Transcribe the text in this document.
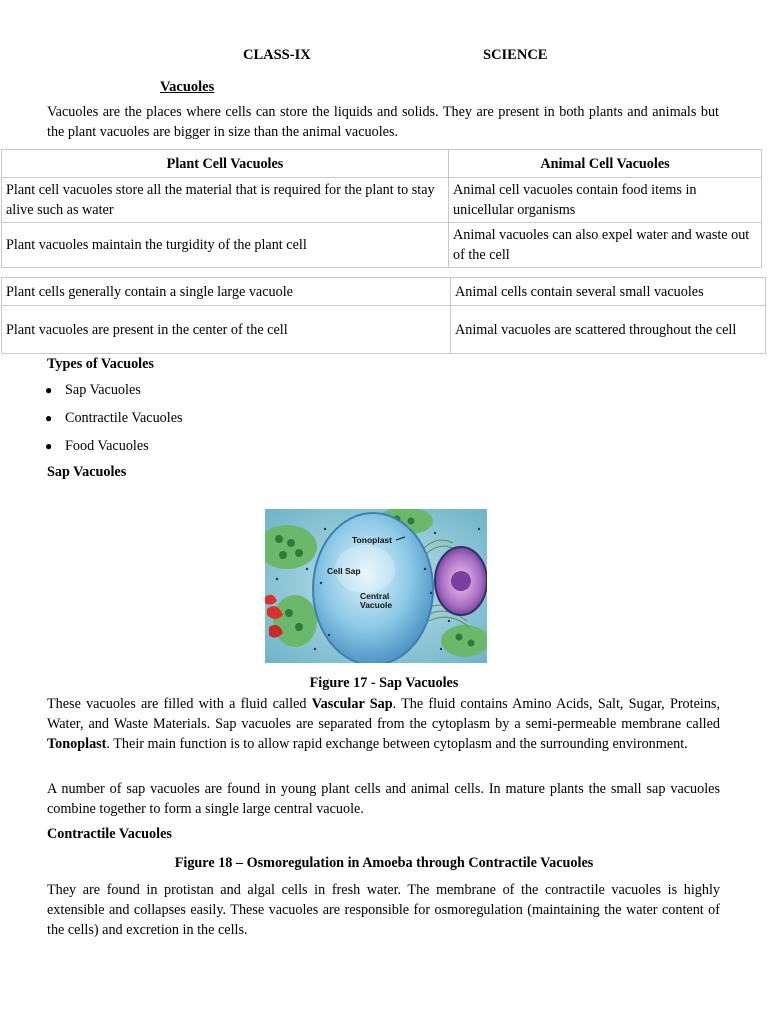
CLASS-IX	SCIENCE
Vacuoles
Vacuoles are the places where cells can store the liquids and solids. They are present in both plants and animals but the plant vacuoles are bigger in size than the animal vacuoles.
Plant Cell Vacuoles	Animal Cell Vacuoles
Plant cell vacuoles store all the material that is required for the plant to stay alive such as water	Animal cell vacuoles contain food items in unicellular organisms
Plant vacuoles maintain the turgidity of the plant cell	Animal vacuoles can also expel water and waste out of the cell
Plant cells generally contain a single large vacuole	Animal cells contain several small vacuoles
Plant vacuoles are present in the center of the cell	Animal vacuoles are scattered throughout the cell
Types of Vacuoles
● Sap Vacuoles
● Contractile Vacuoles
● Food Vacuoles
Sap Vacuoles
Tonoplast
Cell Sap
Central
Vacuole
Figure 17 - Sap Vacuoles
These vacuoles are filled with a fluid called Vascular Sap. The fluid contains Amino Acids, Salt, Sugar, Proteins, Water, and Waste Materials. Sap vacuoles are separated from the cytoplasm by a semi-permeable membrane called Tonoplast. Their main function is to allow rapid exchange between cytoplasm and the surrounding environment.
A number of sap vacuoles are found in young plant cells and animal cells. In mature plants the small sap vacuoles combine together to form a single large central vacuole.
Contractile Vacuoles
Figure 18 – Osmoregulation in Amoeba through Contractile Vacuoles
They are found in protistan and algal cells in fresh water. The membrane of the contractile vacuoles is highly extensible and collapses easily. These vacuoles are responsible for osmoregulation (maintaining the water content of the cells) and excretion in the cells.
